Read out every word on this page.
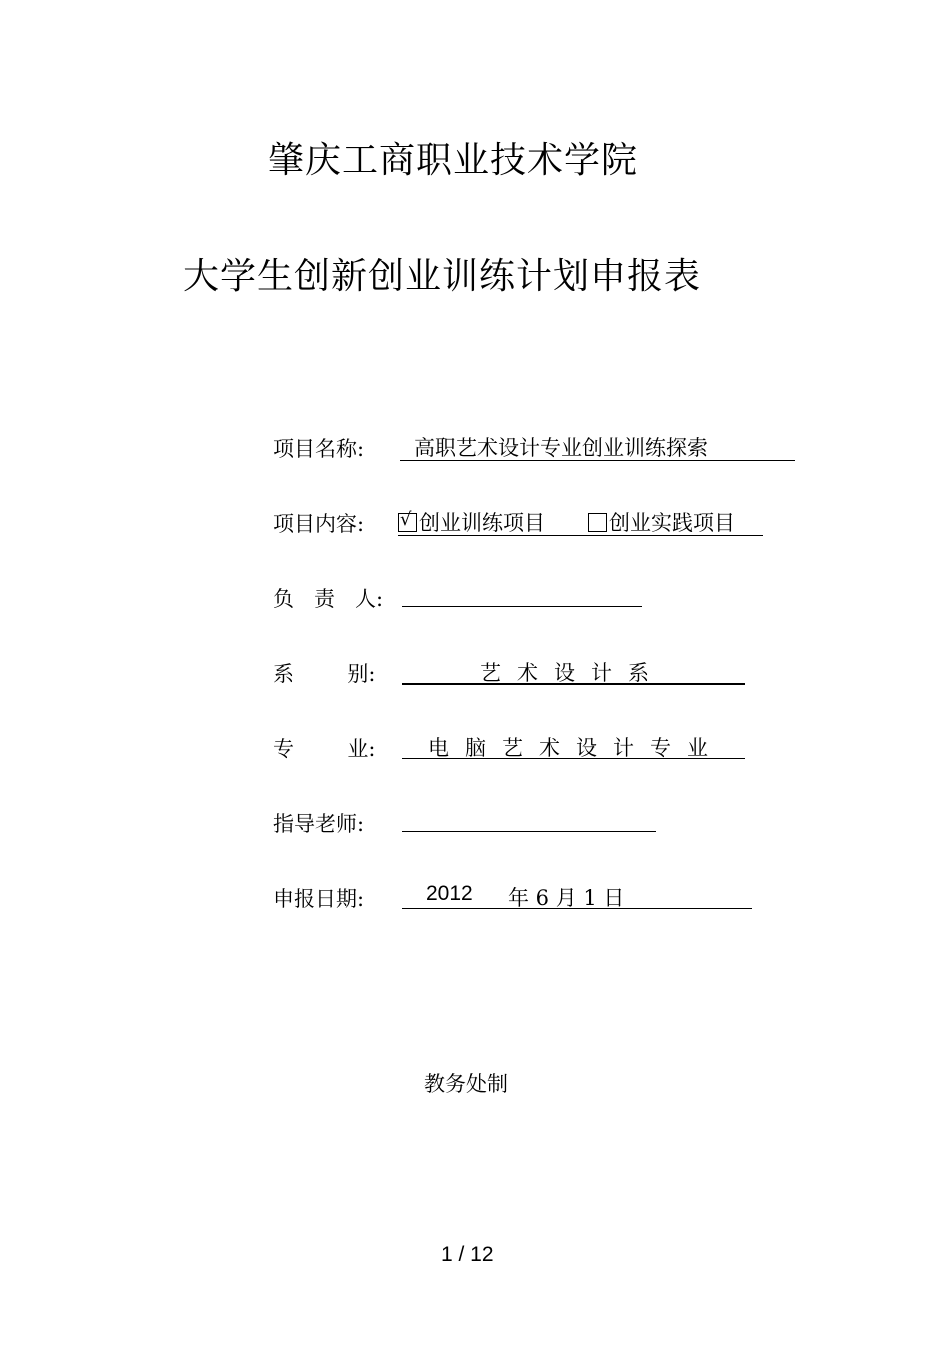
肇庆工商职业技术学院
大学生创新创业训练计划申报表
项目名称: 高职艺术设计专业创业训练探索
项目内容: √ 创业训练项目	创业实践项目
负   责   人:
系        别:	艺术设计系
专        业:	电脑艺术设计专业
指导老师:
申报日期:	2012 年 6 月 1 日
教务处制
1 / 12
